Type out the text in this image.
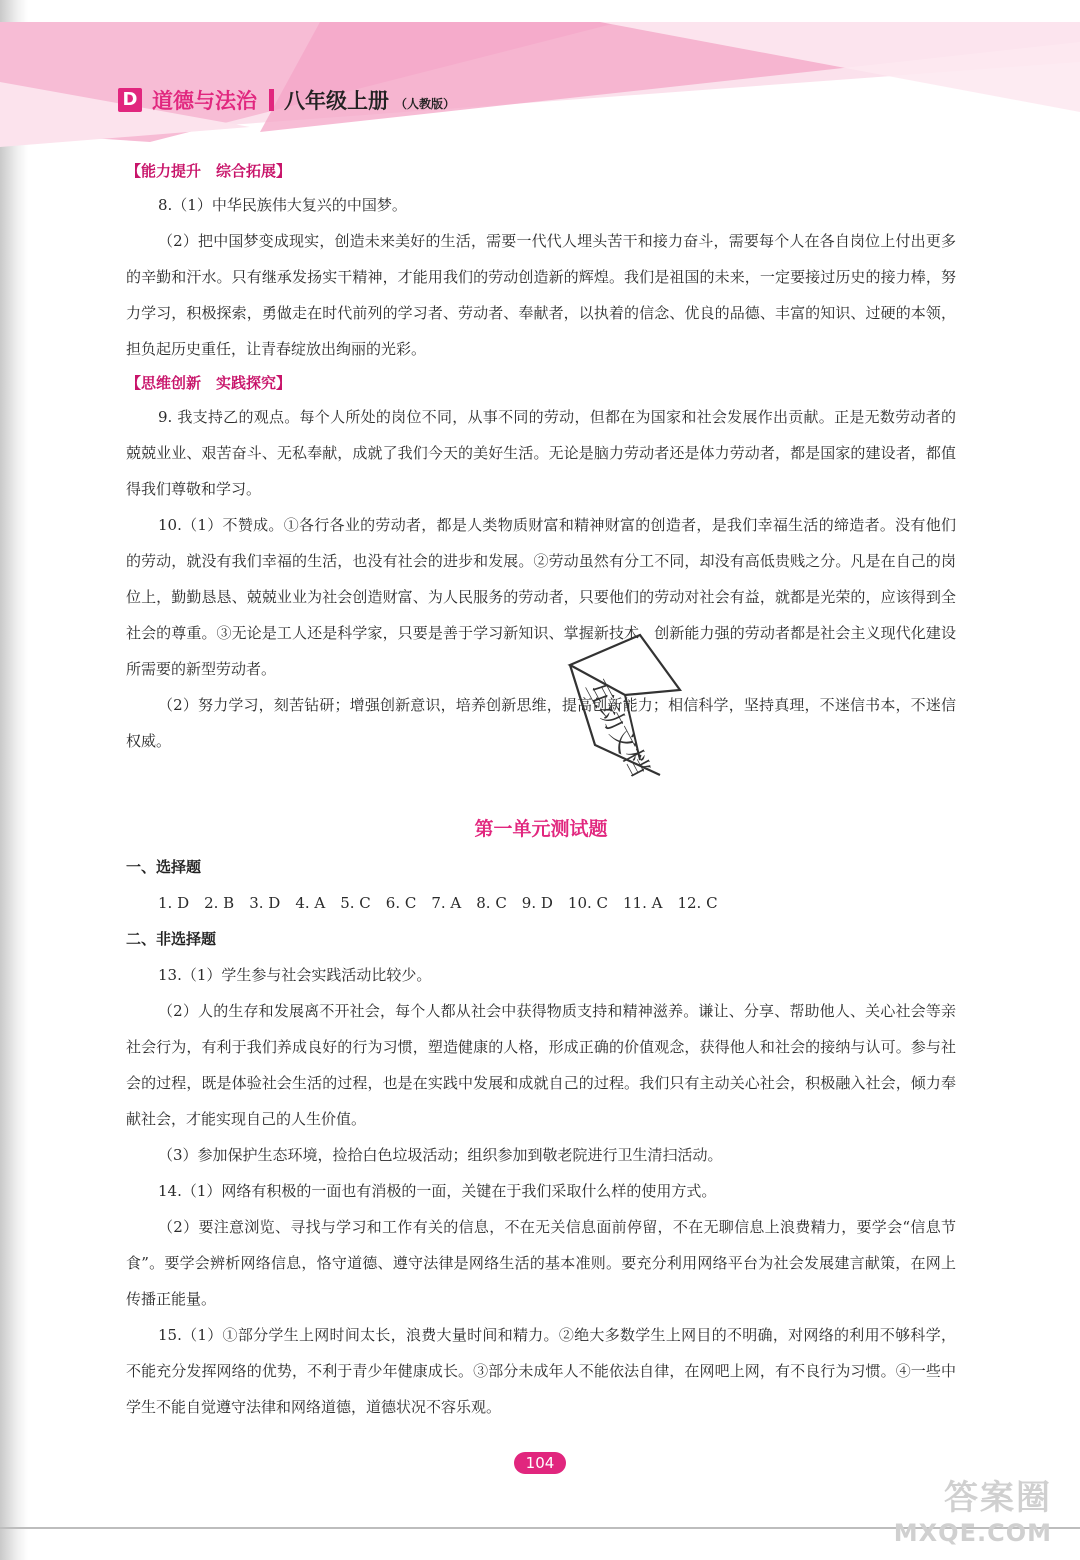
D 道德与法治 八年级上册 （人教版）
【能力提升　综合拓展】

8.（1）中华民族伟大复兴的中国梦。

（2）把中国梦变成现实，创造未来美好的生活，需要一代代人埋头苦干和接力奋斗，需要每个人在各自岗位上付出更多的辛勤和汗水。只有继承发扬实干精神，才能用我们的劳动创造新的辉煌。我们是祖国的未来，一定要接过历史的接力棒，努力学习，积极探索，勇做走在时代前列的学习者、劳动者、奉献者，以执着的信念、优良的品德、丰富的知识、过硬的本领，担负起历史重任，让青春绽放出绚丽的光彩。

【思维创新　实践探究】

9. 我支持乙的观点。每个人所处的岗位不同，从事不同的劳动，但都在为国家和社会发展作出贡献。正是无数劳动者的兢兢业业、艰苦奋斗、无私奉献，成就了我们今天的美好生活。无论是脑力劳动者还是体力劳动者，都是国家的建设者，都值得我们尊敬和学习。

10.（1）不赞成。①各行各业的劳动者，都是人类物质财富和精神财富的创造者，是我们幸福生活的缔造者。没有他们的劳动，就没有我们幸福的生活，也没有社会的进步和发展。②劳动虽然有分工不同，却没有高低贵贱之分。凡是在自己的岗位上，勤勤恳恳、兢兢业业为社会创造财富、为人民服务的劳动者，只要他们的劳动对社会有益，就都是光荣的，应该得到全社会的尊重。③无论是工人还是科学家，只要是善于学习新知识、掌握新技术、创新能力强的劳动者都是社会主义现代化建设所需要的新型劳动者。

（2）努力学习，刻苦钻研；增强创新意识，培养创新思维，提高创新能力；相信科学，坚持真理，不迷信书本，不迷信权威。

第一单元测试题
一、选择题

1. D　2. B　3. D　4. A　5. C　6. C　7. A　8. C　9. D　10. C　11. A　12. C

二、非选择题

13.（1）学生参与社会实践活动比较少。

（2）人的生存和发展离不开社会，每个人都从社会中获得物质支持和精神滋养。谦让、分享、帮助他人、关心社会等亲社会行为，有利于我们养成良好的行为习惯，塑造健康的人格，形成正确的价值观念，获得他人和社会的接纳与认可。参与社会的过程，既是体验社会生活的过程，也是在实践中发展和成就自己的过程。我们只有主动关心社会，积极融入社会，倾力奉献社会，才能实现自己的人生价值。

（3）参加保护生态环境，捡拾白色垃圾活动；组织参加到敬老院进行卫生清扫活动。

14.（1）网络有积极的一面也有消极的一面，关键在于我们采取什么样的使用方式。

（2）要注意浏览、寻找与学习和工作有关的信息，不在无关信息面前停留，不在无聊信息上浪费精力，要学会“信息节食”。要学会辨析网络信息，恪守道德、遵守法律是网络生活的基本准则。要充分利用网络平台为社会发展建言献策，在网上传播正能量。

15.（1）①部分学生上网时间太长，浪费大量时间和精力。②绝大多数学生上网目的不明确，对网络的利用不够科学，不能充分发挥网络的优势，不利于青少年健康成长。③部分未成年人不能依法自律，在网吧上网，有不良行为习惯。④一些中学生不能自觉遵守法律和网络道德，道德状况不容乐观。

互动文档
104
答案圈
MXQE.COM
